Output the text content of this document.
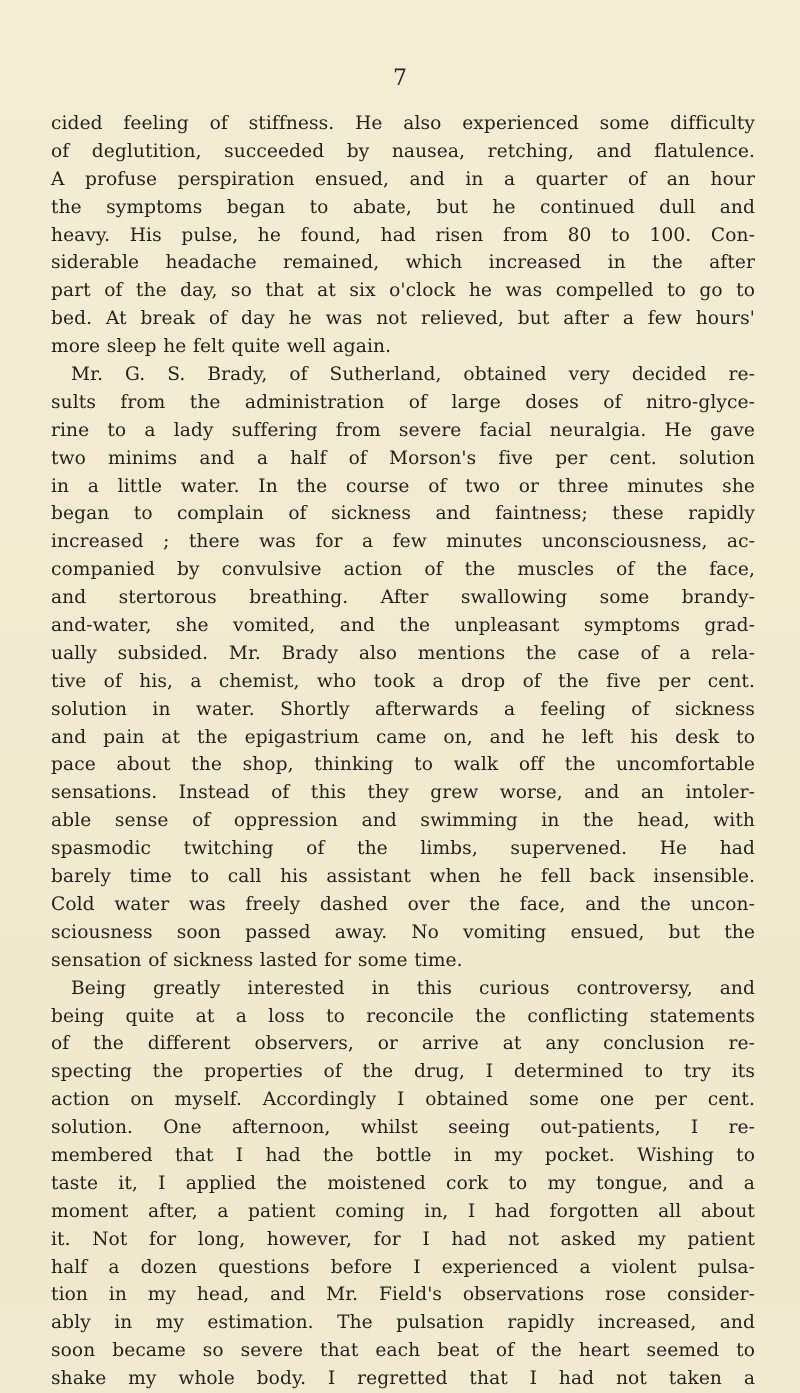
7
cided feeling of stiffness. He also experienced some difficulty
of deglutition, succeeded by nausea, retching, and flatulence.
A profuse perspiration ensued, and in a quarter of an hour
the symptoms began to abate, but he continued dull and
heavy. His pulse, he found, had risen from 80 to 100. Con-
siderable headache remained, which increased in the after
part of the day, so that at six o'clock he was compelled to go to
bed. At break of day he was not relieved, but after a few hours'
more sleep he felt quite well again.
Mr. G. S. Brady, of Sutherland, obtained very decided re-
sults from the administration of large doses of nitro-glyce-
rine to a lady suffering from severe facial neuralgia. He gave
two minims and a half of Morson's five per cent. solution
in a little water. In the course of two or three minutes she
began to complain of sickness and faintness; these rapidly
increased ; there was for a few minutes unconsciousness, ac-
companied by convulsive action of the muscles of the face,
and stertorous breathing. After swallowing some brandy-
and-water, she vomited, and the unpleasant symptoms grad-
ually subsided. Mr. Brady also mentions the case of a rela-
tive of his, a chemist, who took a drop of the five per cent.
solution in water. Shortly afterwards a feeling of sickness
and pain at the epigastrium came on, and he left his desk to
pace about the shop, thinking to walk off the uncomfortable
sensations. Instead of this they grew worse, and an intoler-
able sense of oppression and swimming in the head, with
spasmodic twitching of the limbs, supervened. He had
barely time to call his assistant when he fell back insensible.
Cold water was freely dashed over the face, and the uncon-
sciousness soon passed away. No vomiting ensued, but the
sensation of sickness lasted for some time.
Being greatly interested in this curious controversy, and
being quite at a loss to reconcile the conflicting statements
of the different observers, or arrive at any conclusion re-
specting the properties of the drug, I determined to try its
action on myself. Accordingly I obtained some one per cent.
solution. One afternoon, whilst seeing out-patients, I re-
membered that I had the bottle in my pocket. Wishing to
taste it, I applied the moistened cork to my tongue, and a
moment after, a patient coming in, I had forgotten all about
it. Not for long, however, for I had not asked my patient
half a dozen questions before I experienced a violent pulsa-
tion in my head, and Mr. Field's observations rose consider-
ably in my estimation. The pulsation rapidly increased, and
soon became so severe that each beat of the heart seemed to
shake my whole body. I regretted that I had not taken a
